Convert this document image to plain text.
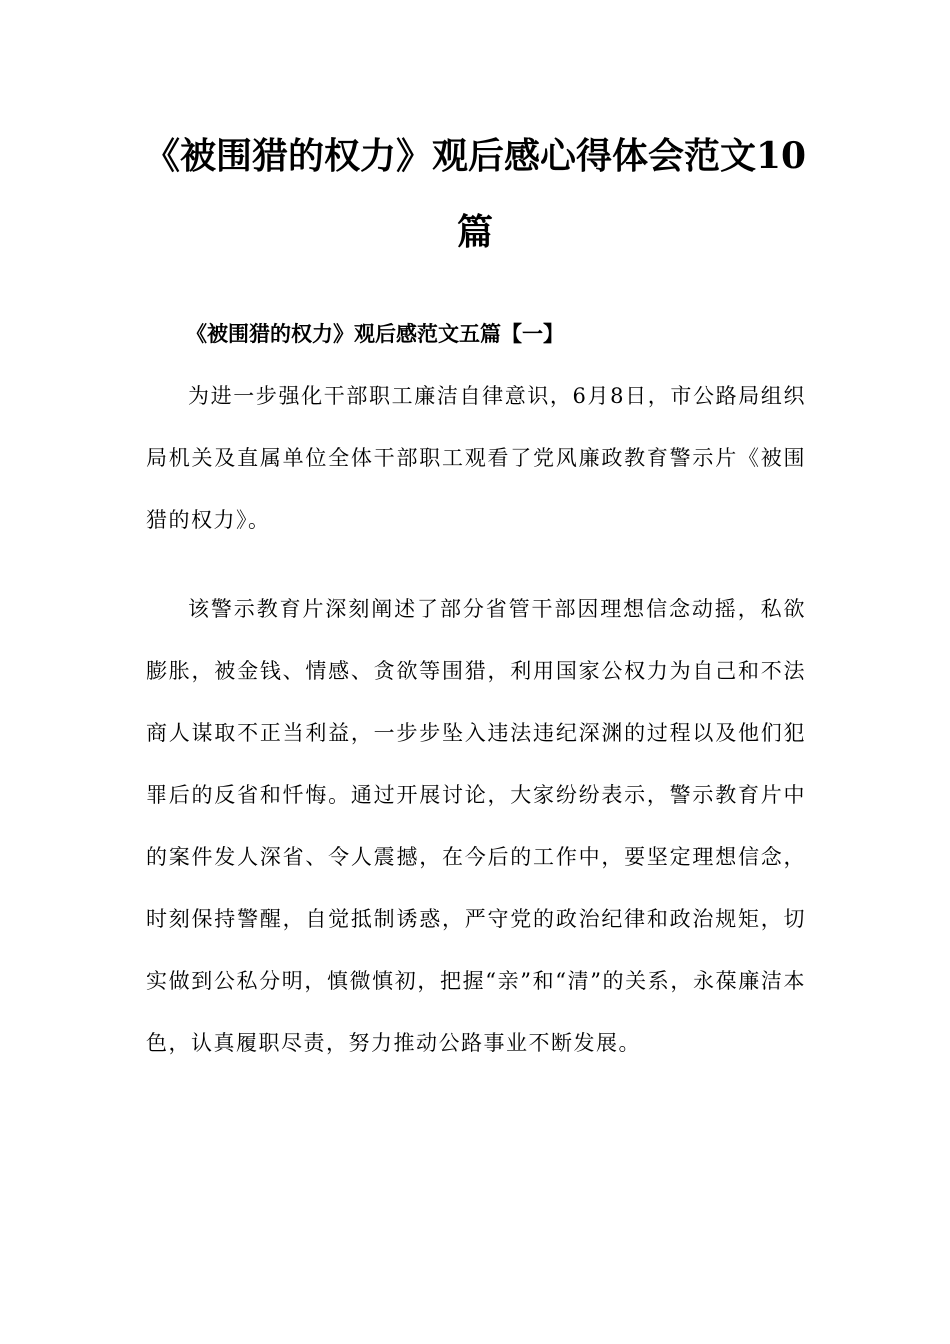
《被围猎的权力》观后感心得体会范文10篇
《被围猎的权力》观后感范文五篇【一】

为进一步强化干部职工廉洁自律意识，6月8日，市公路局组织局机关及直属单位全体干部职工观看了党风廉政教育警示片《被围猎的权力》。

该警示教育片深刻阐述了部分省管干部因理想信念动摇，私欲膨胀，被金钱、情感、贪欲等围猎，利用国家公权力为自己和不法商人谋取不正当利益，一步步坠入违法违纪深渊的过程以及他们犯罪后的反省和忏悔。通过开展讨论，大家纷纷表示，警示教育片中的案件发人深省、令人震撼，在今后的工作中，要坚定理想信念，时刻保持警醒，自觉抵制诱惑，严守党的政治纪律和政治规矩，切实做到公私分明，慎微慎初，把握“亲”和“清”的关系，永葆廉洁本色，认真履职尽责，努力推动公路事业不断发展。
